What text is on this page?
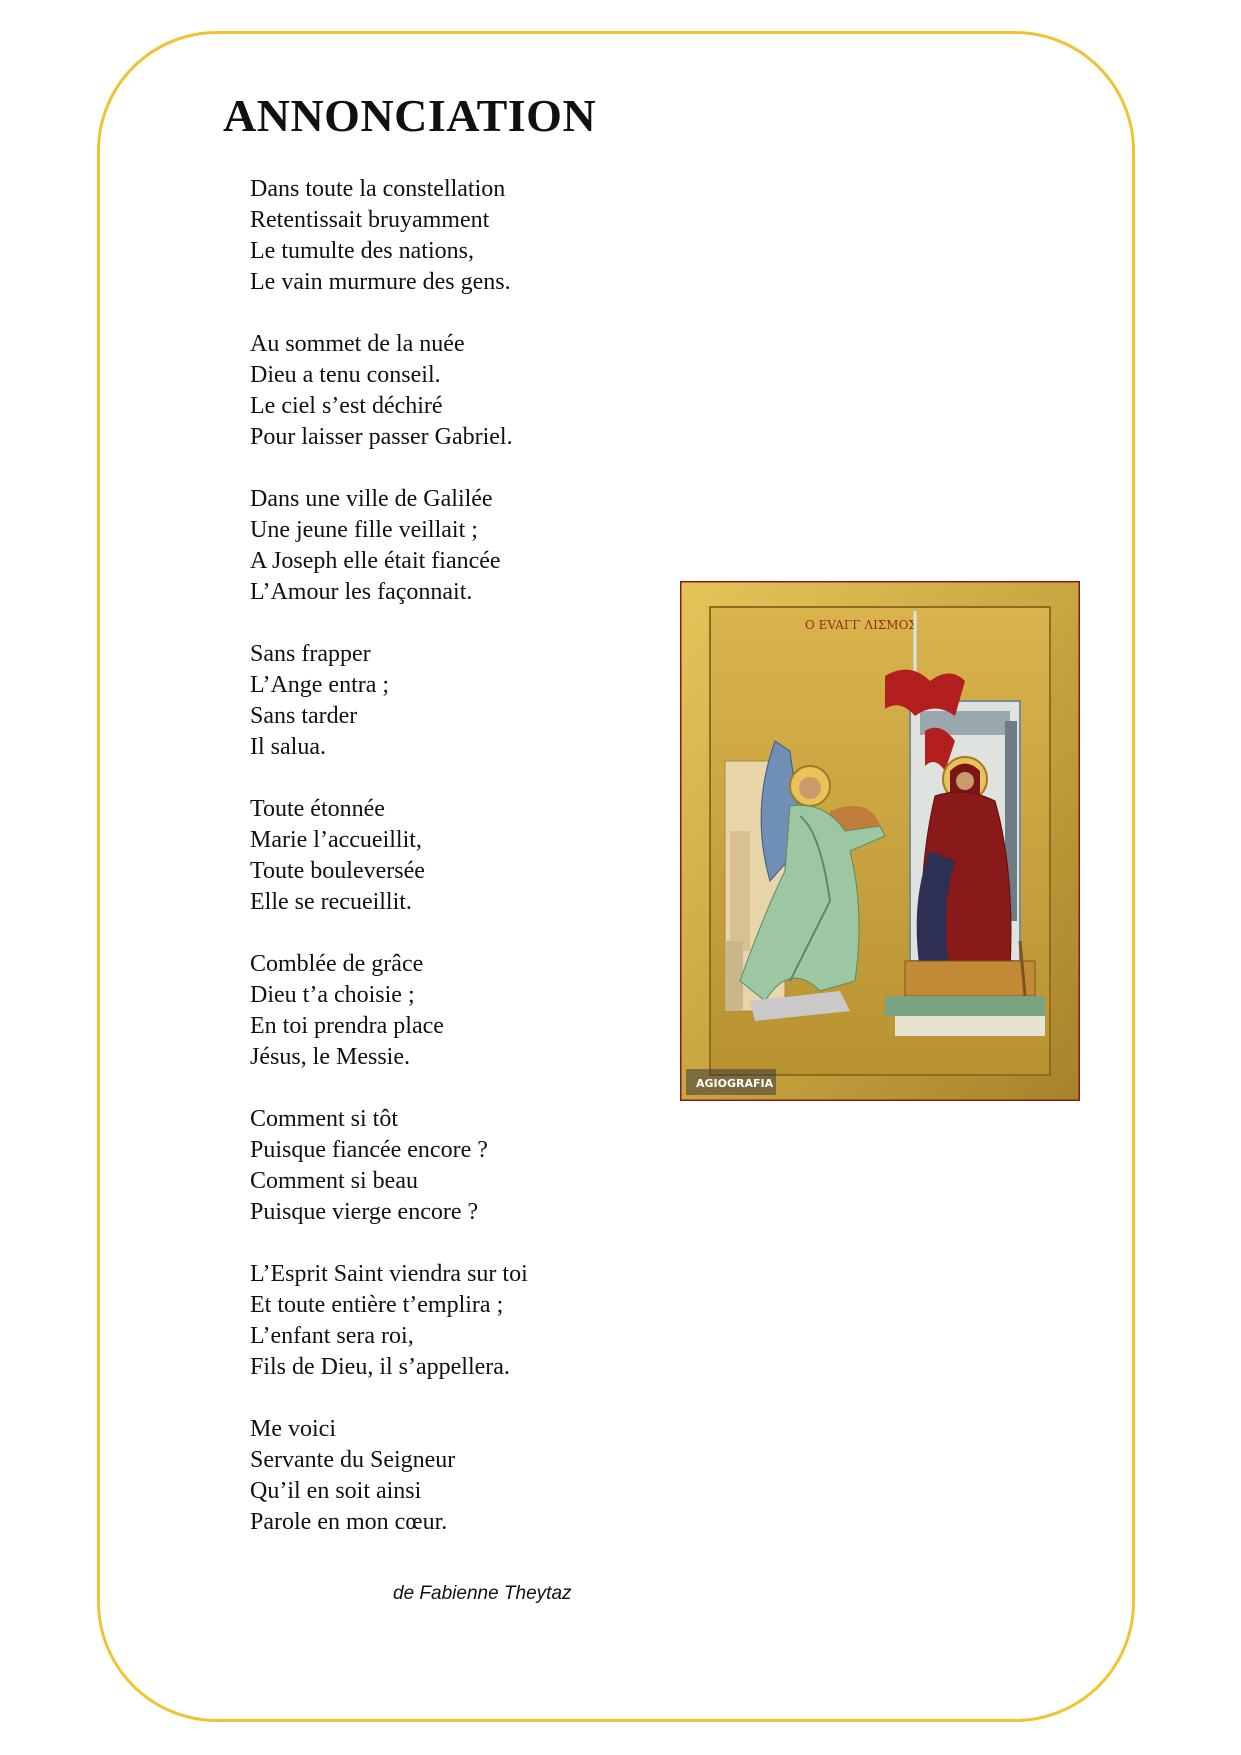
ANNONCIATION
Dans toute la constellation
Retentissait bruyamment
Le tumulte des nations,
Le vain murmure des gens.
Au sommet de la nuée
Dieu a tenu conseil.
Le ciel s’est déchiré
Pour laisser passer Gabriel.
Dans une ville de Galilée
Une jeune fille veillait ;
A Joseph elle était fiancée
L’Amour les façonnait.
Sans frapper
L’Ange entra ;
Sans tarder
Il salua.
Toute étonnée
Marie l’accueillit,
Toute bouleversée
Elle se recueillit.
Comblée de grâce
Dieu t’a choisie ;
En toi prendra place
Jésus, le Messie.
Comment si tôt
Puisque fiancée encore ?
Comment si beau
Puisque vierge encore ?
L’Esprit Saint viendra sur toi
Et toute entière t’emplira ;
L’enfant sera roi,
Fils de Dieu, il s’appellera.
Me voici
Servante du Seigneur
Qu’il en soit ainsi
Parole en mon cœur.
de Fabienne Theytaz
O EVAΓΓ ΛIΣMOΣ
AGIOGRAFIA
